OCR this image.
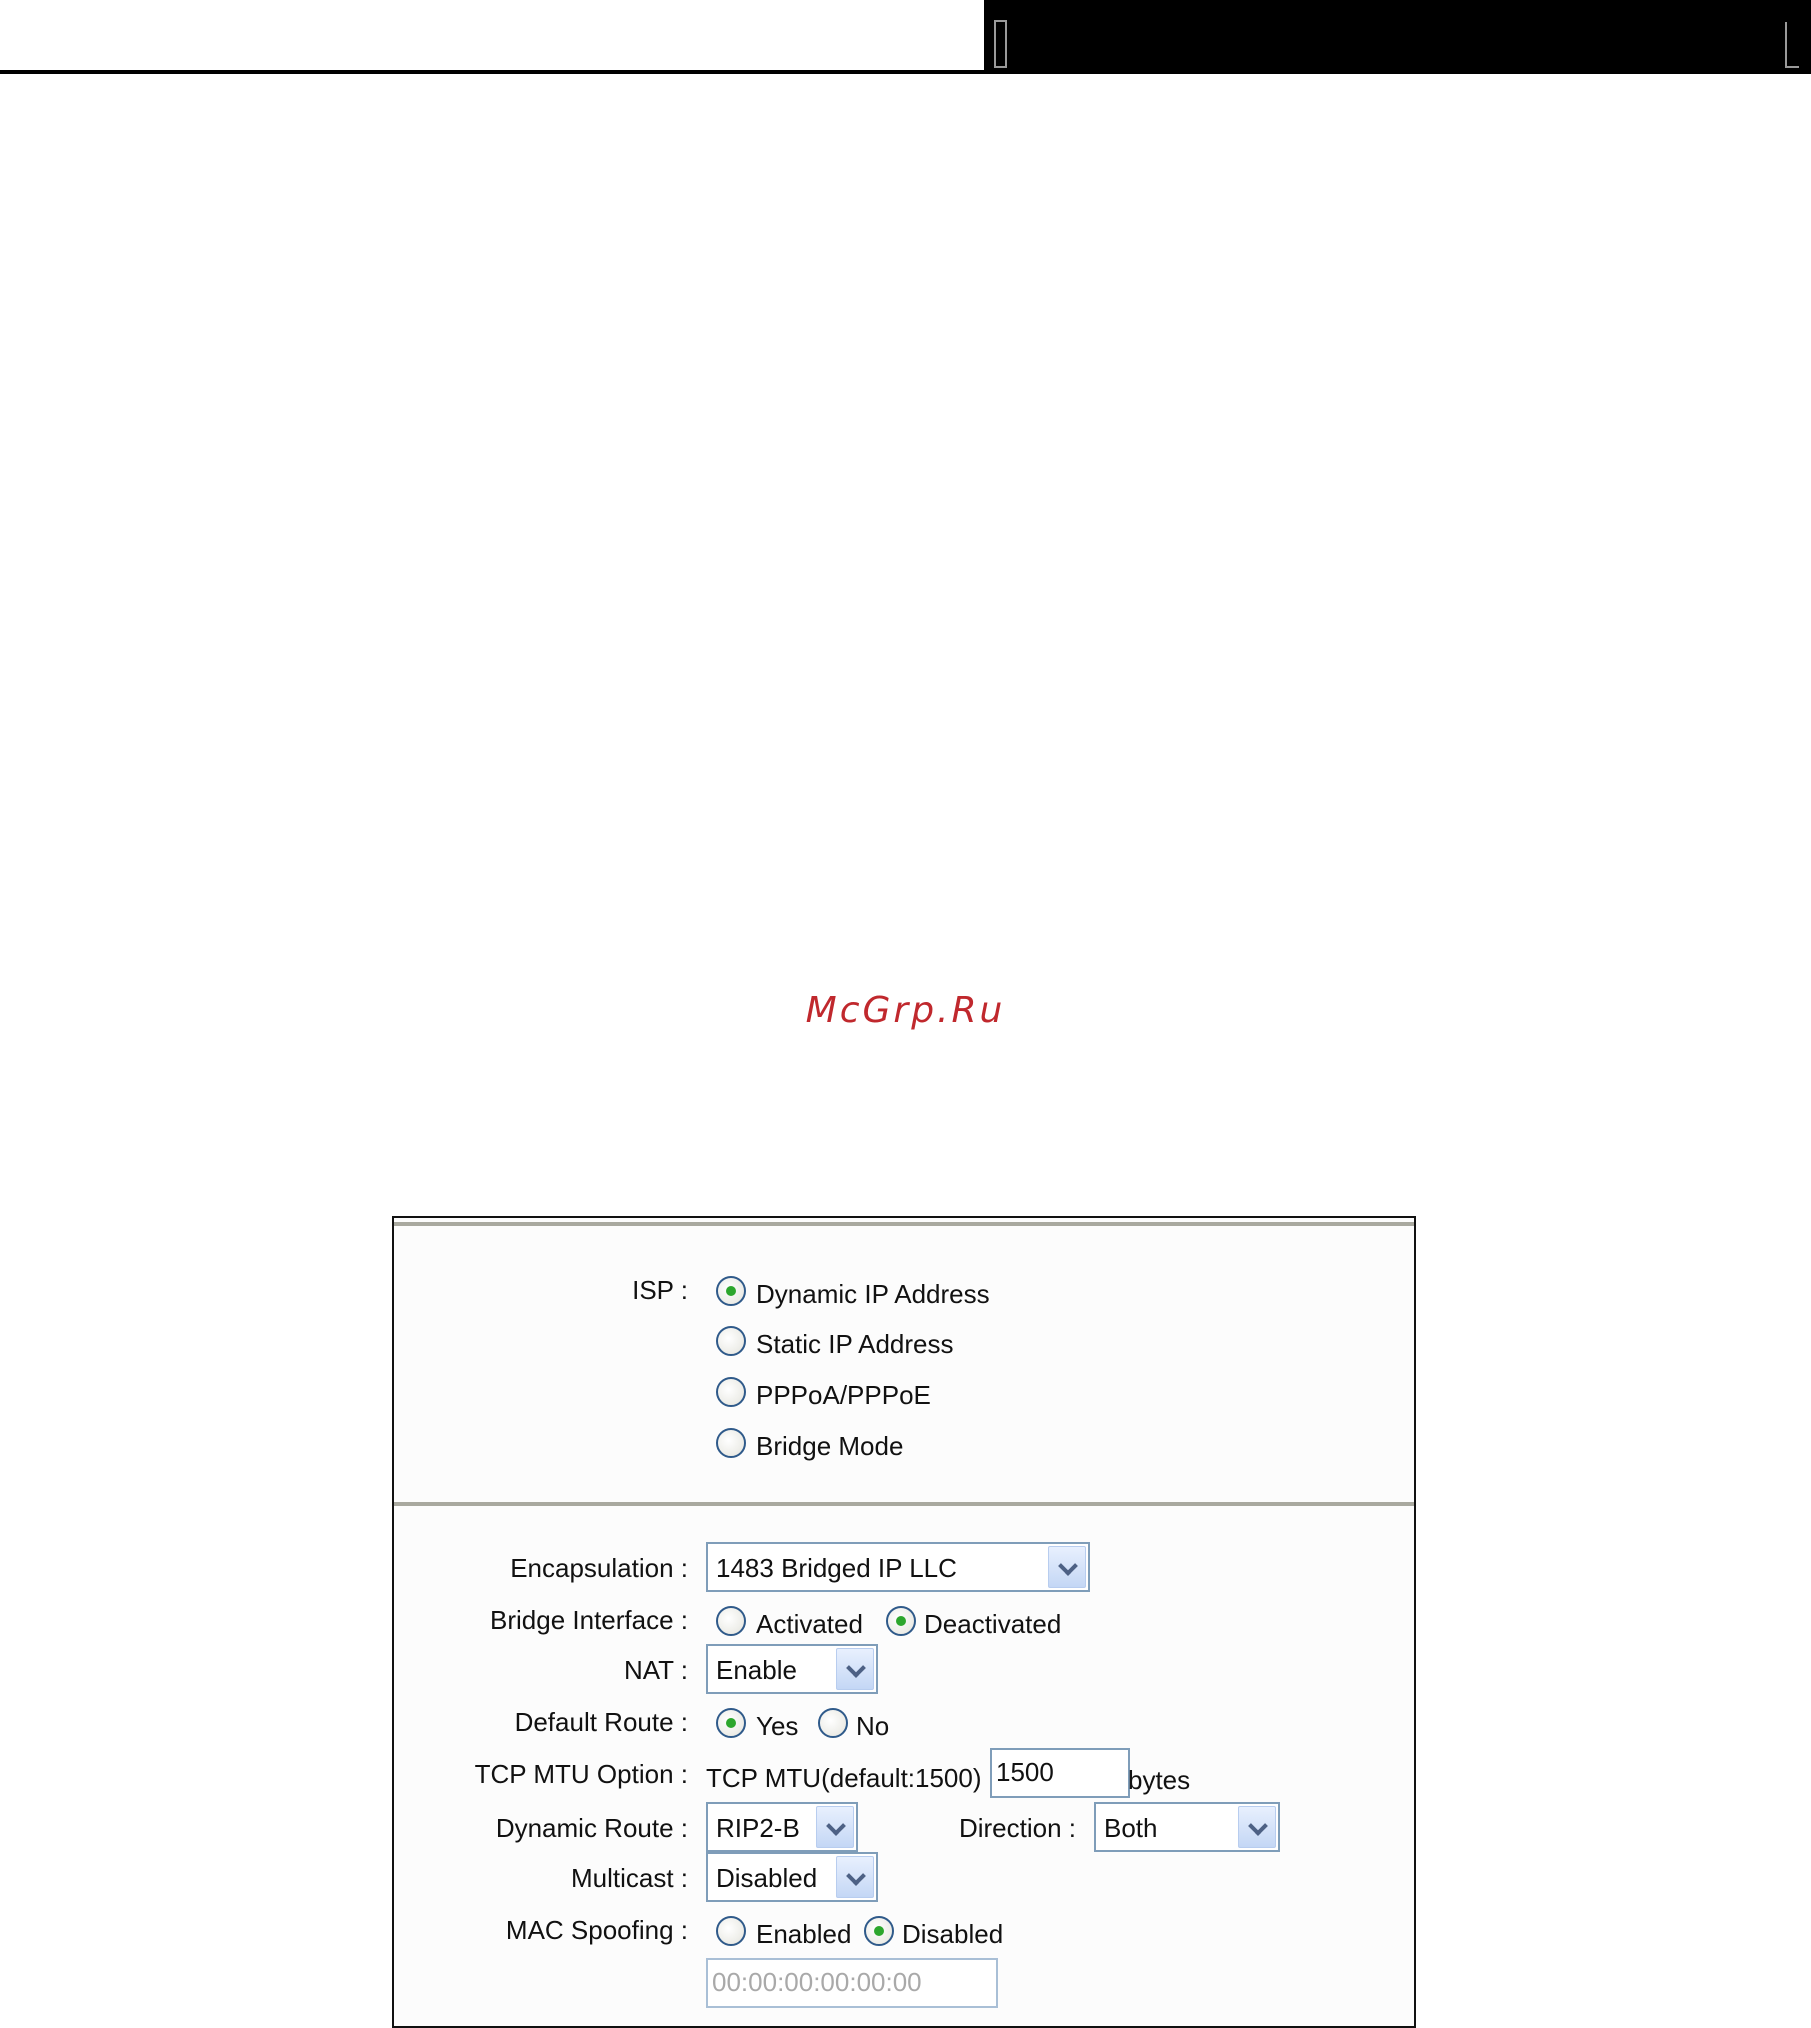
McGrp.Ru
ISP :	Dynamic IP Address
Static IP Address
PPPoA/PPPoE
Bridge Mode
Encapsulation : 1483 Bridged IP LLC
Bridge Interface :	Activated Deactivated
NAT : Enable
Default Route :	Yes No
TCP MTU Option : TCP MTU(default:1500) 1500	bytes
Dynamic Route : RIP2-B	Direction : Both
Multicast : Disabled
MAC Spoofing :	Enabled Disabled
00:00:00:00:00:00
